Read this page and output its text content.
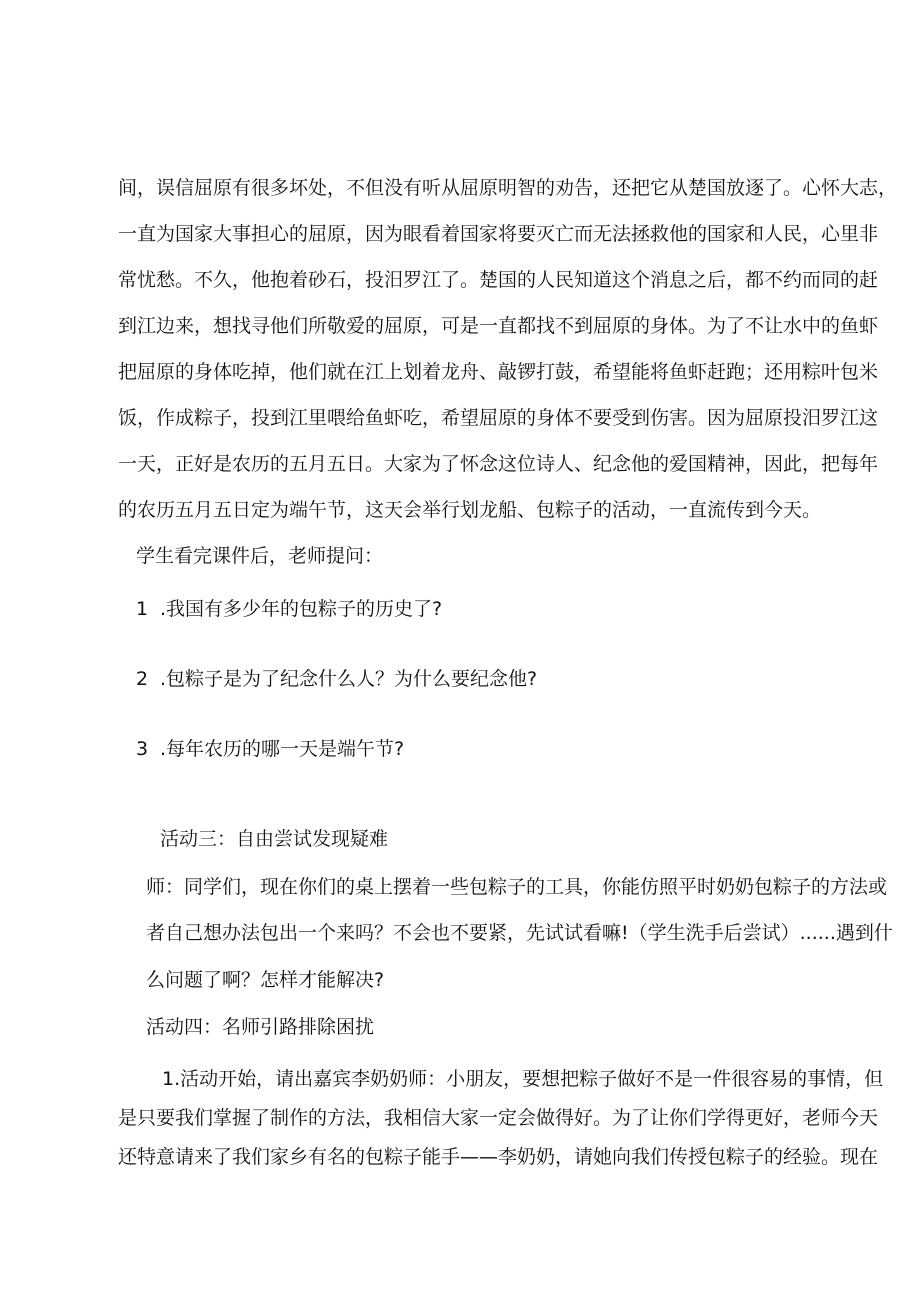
间，误信屈原有很多坏处，不但没有听从屈原明智的劝告，还把它从楚国放逐了。心怀大志，
一直为国家大事担心的屈原，因为眼看着国家将要灭亡而无法拯救他的国家和人民，心里非
常忧愁。不久，他抱着砂石，投汨罗江了。楚国的人民知道这个消息之后，都不约而同的赶
到江边来，想找寻他们所敬爱的屈原，可是一直都找不到屈原的身体。为了不让水中的鱼虾
把屈原的身体吃掉，他们就在江上划着龙舟、敲锣打鼓，希望能将鱼虾赶跑；还用粽叶包米
饭，作成粽子，投到江里喂给鱼虾吃，希望屈原的身体不要受到伤害。因为屈原投汨罗江这
一天，正好是农历的五月五日。大家为了怀念这位诗人、纪念他的爱国精神，因此，把每年
的农历五月五日定为端午节，这天会举行划龙船、包粽子的活动，一直流传到今天。
学生看完课件后，老师提问：
1 .我国有多少年的包粽子的历史了?
2 .包粽子是为了纪念什么人？为什么要纪念他?
3 .每年农历的哪一天是端午节?
活动三：自由尝试发现疑难
师：同学们，现在你们的桌上摆着一些包粽子的工具，你能仿照平时奶奶包粽子的方法或
者自己想办法包出一个来吗？不会也不要紧，先试试看嘛!（学生洗手后尝试）......遇到什
么问题了啊？怎样才能解决?
活动四：名师引路排除困扰
1.活动开始，请出嘉宾李奶奶师：小朋友，要想把粽子做好不是一件很容易的事情，但
是只要我们掌握了制作的方法，我相信大家一定会做得好。为了让你们学得更好，老师今天
还特意请来了我们家乡有名的包粽子能手——李奶奶，请她向我们传授包粽子的经验。现在
